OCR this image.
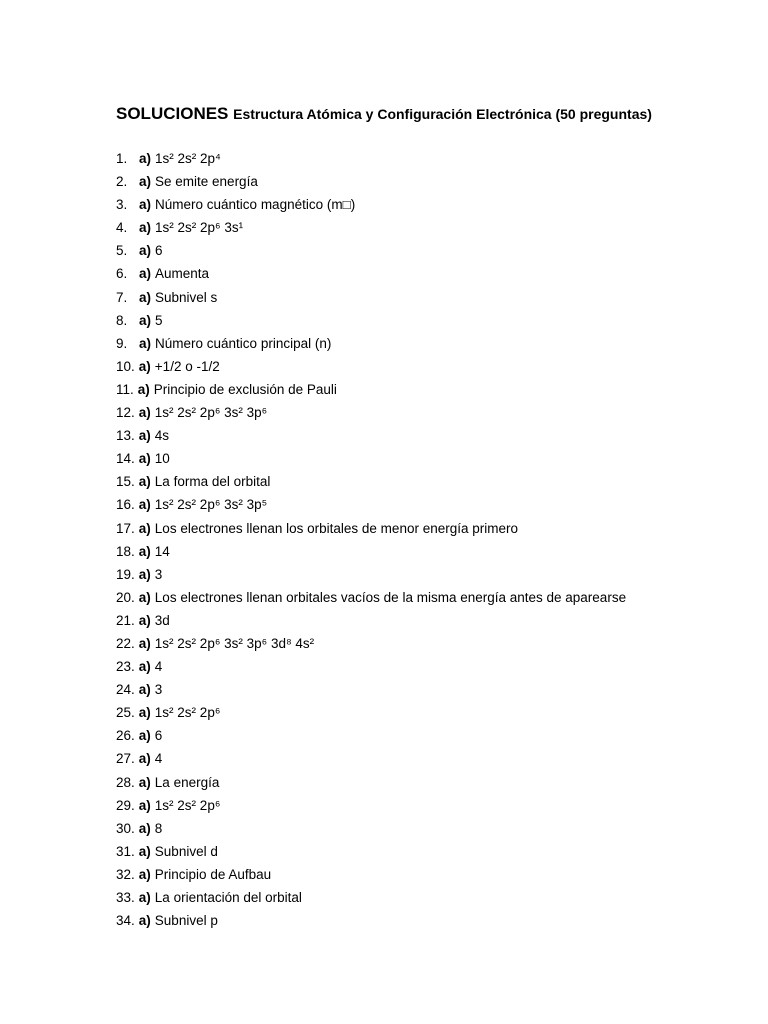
SOLUCIONES Estructura Atómica y Configuración Electrónica (50 preguntas)
1. a) 1s² 2s² 2p⁴
2. a) Se emite energía
3. a) Número cuántico magnético (m□)
4. a) 1s² 2s² 2p⁶ 3s¹
5. a) 6
6. a) Aumenta
7. a) Subnivel s
8. a) 5
9. a) Número cuántico principal (n)
10. a) +1/2 o -1/2
11. a) Principio de exclusión de Pauli
12. a) 1s² 2s² 2p⁶ 3s² 3p⁶
13. a) 4s
14. a) 10
15. a) La forma del orbital
16. a) 1s² 2s² 2p⁶ 3s² 3p⁵
17. a) Los electrones llenan los orbitales de menor energía primero
18. a) 14
19. a) 3
20. a) Los electrones llenan orbitales vacíos de la misma energía antes de aparearse
21. a) 3d
22. a) 1s² 2s² 2p⁶ 3s² 3p⁶ 3d⁸ 4s²
23. a) 4
24. a) 3
25. a) 1s² 2s² 2p⁶
26. a) 6
27. a) 4
28. a) La energía
29. a) 1s² 2s² 2p⁶
30. a) 8
31. a) Subnivel d
32. a) Principio de Aufbau
33. a) La orientación del orbital
34. a) Subnivel p
